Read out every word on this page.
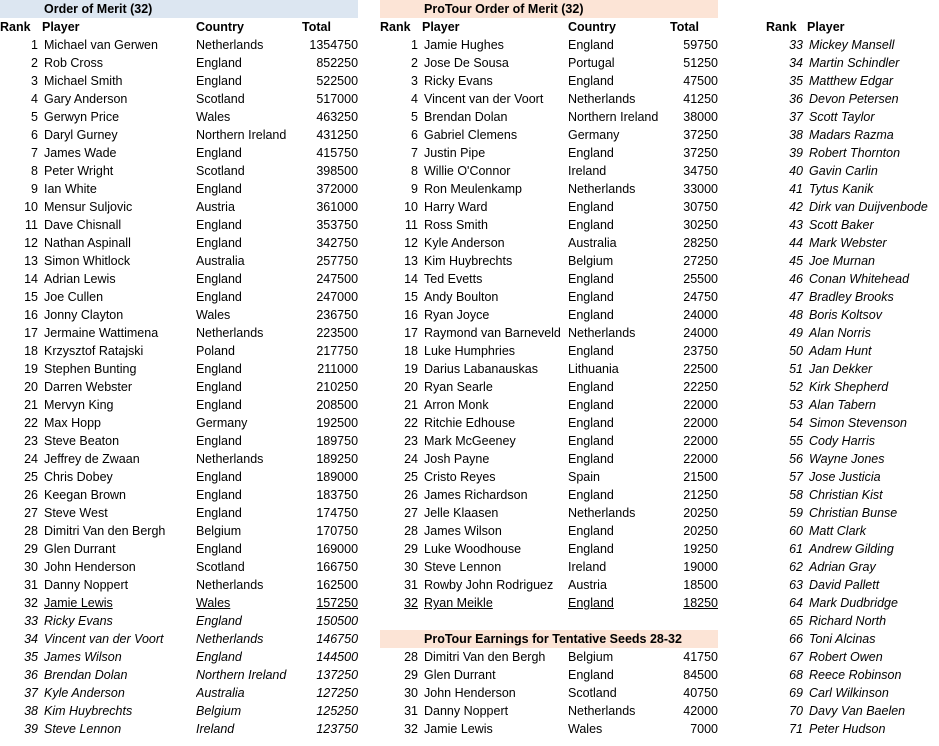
Order of Merit (32)			
Rank	Player	Country	Total
1	Michael van Gerwen	Netherlands	1354750
2	Rob Cross	England	852250
3	Michael Smith	England	522500
4	Gary Anderson	Scotland	517000
5	Gerwyn Price	Wales	463250
6	Daryl Gurney	Northern Ireland	431250
7	James Wade	England	415750
8	Peter Wright	Scotland	398500
9	Ian White	England	372000
10	Mensur Suljovic	Austria	361000
11	Dave Chisnall	England	353750
12	Nathan Aspinall	England	342750
13	Simon Whitlock	Australia	257750
14	Adrian Lewis	England	247500
15	Joe Cullen	England	247000
16	Jonny Clayton	Wales	236750
17	Jermaine Wattimena	Netherlands	223500
18	Krzysztof Ratajski	Poland	217750
19	Stephen Bunting	England	211000
20	Darren Webster	England	210250
21	Mervyn King	England	208500
22	Max Hopp	Germany	192500
23	Steve Beaton	England	189750
24	Jeffrey de Zwaan	Netherlands	189250
25	Chris Dobey	England	189000
26	Keegan Brown	England	183750
27	Steve West	England	174750
28	Dimitri Van den Bergh	Belgium	170750
29	Glen Durrant	England	169000
30	John Henderson	Scotland	166750
31	Danny Noppert	Netherlands	162500
32	Jamie Lewis	Wales	157250
33	Ricky Evans	England	150500
34	Vincent van der Voort	Netherlands	146750
35	James Wilson	England	144500
36	Brendan Dolan	Northern Ireland	137250
37	Kyle Anderson	Australia	127250
38	Kim Huybrechts	Belgium	125250
39	Steve Lennon	Ireland	123750
ProTour Order of Merit (32)			
Rank	Player	Country	Total
1	Jamie Hughes	England	59750
2	Jose De Sousa	Portugal	51250
3	Ricky Evans	England	47500
4	Vincent van der Voort	Netherlands	41250
5	Brendan Dolan	Northern Ireland	38000
6	Gabriel Clemens	Germany	37250
7	Justin Pipe	England	37250
8	Willie O'Connor	Ireland	34750
9	Ron Meulenkamp	Netherlands	33000
10	Harry Ward	England	30750
11	Ross Smith	England	30250
12	Kyle Anderson	Australia	28250
13	Kim Huybrechts	Belgium	27250
14	Ted Evetts	England	25500
15	Andy Boulton	England	24750
16	Ryan Joyce	England	24000
17	Raymond van Barneveld	Netherlands	24000
18	Luke Humphries	England	23750
19	Darius Labanauskas	Lithuania	22500
20	Ryan Searle	England	22250
21	Arron Monk	England	22000
22	Ritchie Edhouse	England	22000
23	Mark McGeeney	England	22000
24	Josh Payne	England	22000
25	Cristo Reyes	Spain	21500
26	James Richardson	England	21250
27	Jelle Klaasen	Netherlands	20250
28	James Wilson	England	20250
29	Luke Woodhouse	England	19250
30	Steve Lennon	Ireland	19000
31	Rowby John Rodriguez	Austria	18500
32	Ryan Meikle	England	18250

ProTour Earnings for Tentative Seeds 28-32			
28	Dimitri Van den Bergh	Belgium	41750
29	Glen Durrant	England	84500
30	John Henderson	Scotland	40750
31	Danny Noppert	Netherlands	42000
32	Jamie Lewis	Wales	7000

Rank	Player
33	Mickey Mansell
34	Martin Schindler
35	Matthew Edgar
36	Devon Petersen
37	Scott Taylor
38	Madars Razma
39	Robert Thornton
40	Gavin Carlin
41	Tytus Kanik
42	Dirk van Duijvenbode
43	Scott Baker
44	Mark Webster
45	Joe Murnan
46	Conan Whitehead
47	Bradley Brooks
48	Boris Koltsov
49	Alan Norris
50	Adam Hunt
51	Jan Dekker
52	Kirk Shepherd
53	Alan Tabern
54	Simon Stevenson
55	Cody Harris
56	Wayne Jones
57	Jose Justicia
58	Christian Kist
59	Christian Bunse
60	Matt Clark
61	Andrew Gilding
62	Adrian Gray
63	David Pallett
64	Mark Dudbridge
65	Richard North
66	Toni Alcinas
67	Robert Owen
68	Reece Robinson
69	Carl Wilkinson
70	Davy Van Baelen
71	Peter Hudson
